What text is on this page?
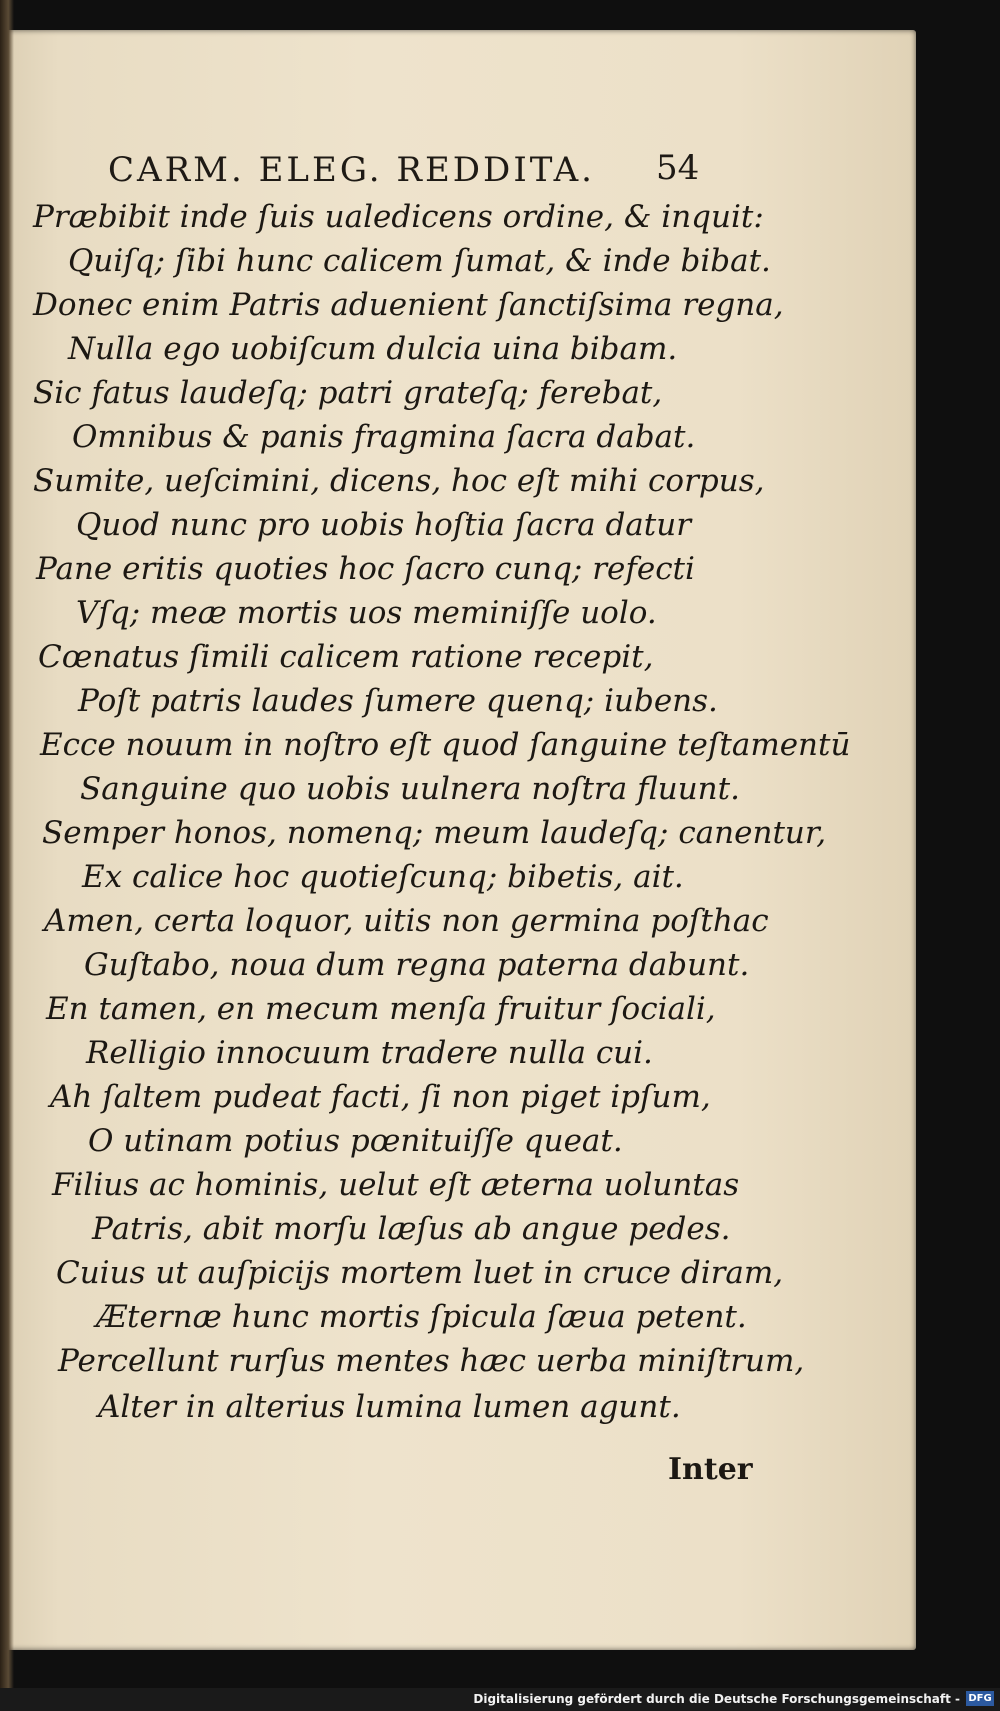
CARM. ELEG. REDDITA.	54
Præbibit inde ſuis ualedicens ordine, & inquit:
Quiſq; ſibi hunc calicem ſumat, & inde bibat.
Donec enim Patris aduenient ſanctiſsima regna,
Nulla ego uobiſcum dulcia uina bibam.
Sic fatus laudeſq; patri grateſq; ferebat,
Omnibus & panis fragmina ſacra dabat.
Sumite, ueſcimini, dicens, hoc eſt mihi corpus,
Quod nunc pro uobis hoſtia ſacra datur
Pane eritis quoties hoc ſacro cunq; refecti
Vſq; meæ mortis uos meminiſſe uolo.
Cœnatus ſimili calicem ratione recepit,
Poſt patris laudes ſumere quenq; iubens.
Ecce nouum in noſtro eſt quod ſanguine teſtamentū
Sanguine quo uobis uulnera noſtra fluunt.
Semper honos, nomenq; meum laudeſq; canentur,
Ex calice hoc quotieſcunq; bibetis, ait.
Amen, certa loquor, uitis non germina poſthac
Guſtabo, noua dum regna paterna dabunt.
En tamen, en mecum menſa fruitur ſociali,
Relligio innocuum tradere nulla cui.
Ah ſaltem pudeat facti, ſi non piget ipſum,
O utinam potius pœnituiſſe queat.
Filius ac hominis, uelut eſt æterna uoluntas
Patris, abit morſu læſus ab angue pedes.
Cuius ut auſpicijs mortem luet in cruce diram,
Æternæ hunc mortis ſpicula ſæua petent.
Percellunt rurſus mentes hæc uerba miniſtrum,
Alter in alterius lumina lumen agunt.
Inter
Digitalisierung gefördert durch die Deutsche Forschungsgemeinschaft - DFG
